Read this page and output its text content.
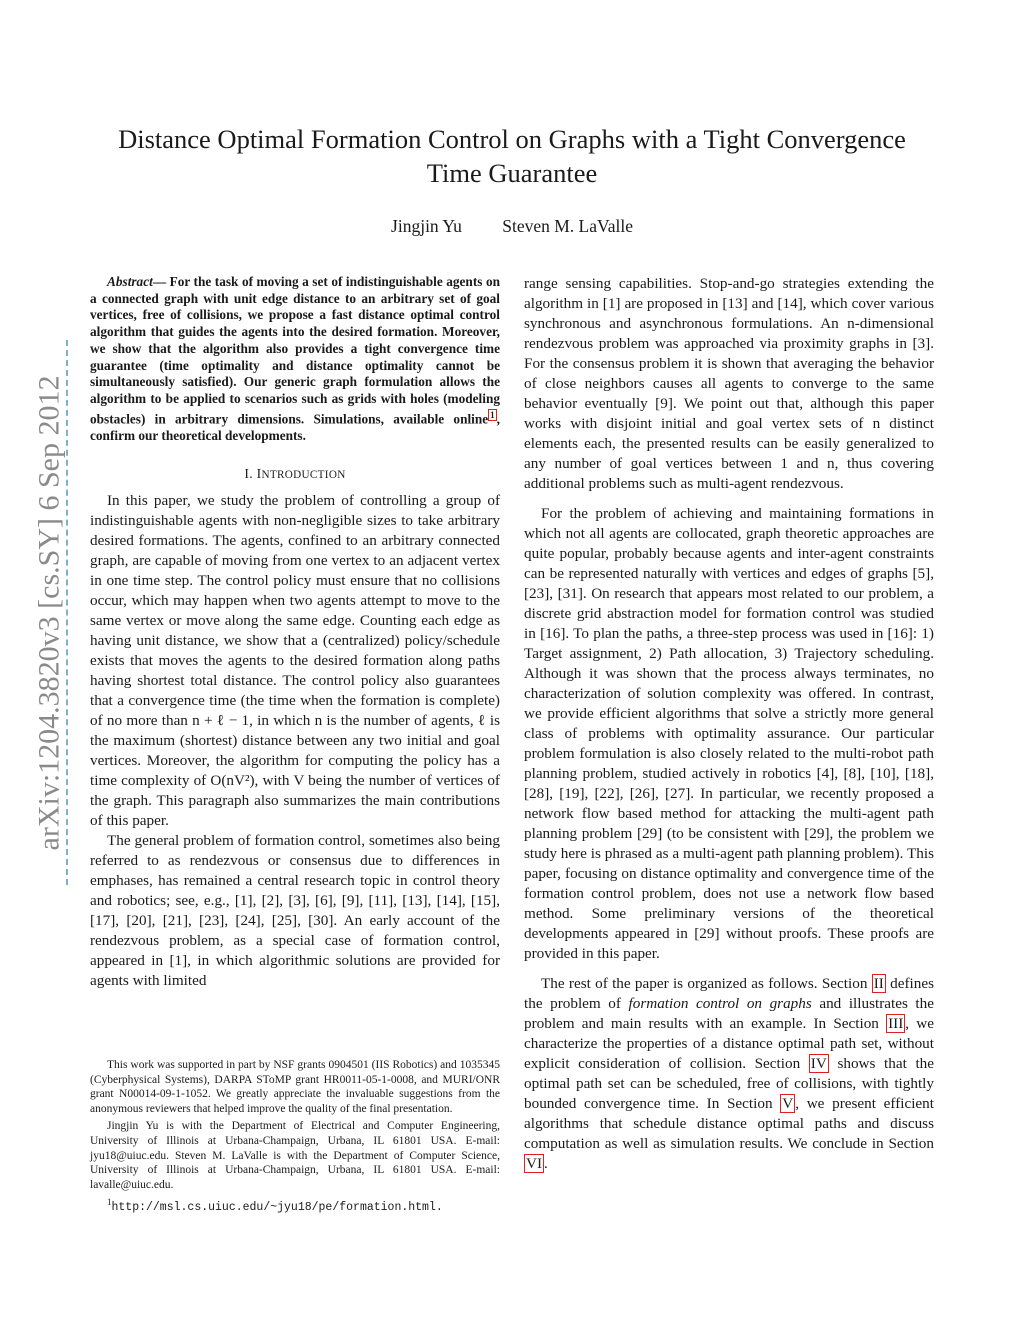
Distance Optimal Formation Control on Graphs with a Tight Convergence Time Guarantee
Jingjin Yu Steven M. LaValle
arXiv:1204.3820v3 [cs.SY] 6 Sep 2012

Abstract— For the task of moving a set of indistinguishable agents on a connected graph with unit edge distance to an arbitrary set of goal vertices, free of collisions, we propose a fast distance optimal control algorithm that guides the agents into the desired formation. Moreover, we show that the algorithm also provides a tight convergence time guarantee (time optimality and distance optimality cannot be simultaneously satisfied). Our generic graph formulation allows the algorithm to be applied to scenarios such as grids with holes (modeling obstacles) in arbitrary dimensions. Simulations, available online $^1$ , confirm our theoretical developments.

I. INTRODUCTION

In this paper, we study the problem of controlling a group of indistinguishable agents with non-negligible sizes to take arbitrary desired formations. The agents, confined to an arbitrary connected graph, are capable of moving from one vertex to an adjacent vertex in one time step. The control policy must ensure that no collisions occur, which may happen when two agents attempt to move to the same vertex or move along the same edge. Counting each edge as having unit distance, we show that a (centralized) policy/schedule exists that moves the agents to the desired formation along paths having shortest total distance. The control policy also guarantees that a convergence time (the time when the formation is complete) of no more than n + ℓ − 1, in which n is the number of agents, ℓ is the maximum (shortest) distance between any two initial and goal vertices. Moreover, the algorithm for computing the policy has a time complexity of O(nV²), with V being the number of vertices of the graph. This paragraph also summarizes the main contributions of this paper.

The general problem of formation control, sometimes also being referred to as rendezvous or consensus due to differences in emphases, has remained a central research topic in control theory and robotics; see, e.g., [1], [2], [3], [6], [9], [11], [13], [14], [15], [17], [20], [21], [23], [24], [25], [30]. An early account of the rendezvous problem, as a special case of formation control, appeared in [1], in which algorithmic solutions are provided for agents with limited

This work was supported in part by NSF grants 0904501 (IIS Robotics) and 1035345 (Cyberphysical Systems), DARPA SToMP grant HR0011-05-1-0008, and MURI/ONR grant N00014-09-1-1052. We greatly appreciate the invaluable suggestions from the anonymous reviewers that helped improve the quality of the final presentation.

Jingjin Yu is with the Department of Electrical and Computer Engineering, University of Illinois at Urbana-Champaign, Urbana, IL 61801 USA. E-mail: jyu18@uiuc.edu. Steven M. LaValle is with the Department of Computer Science, University of Illinois at Urbana-Champaign, Urbana, IL 61801 USA. E-mail: lavalle@uiuc.edu.

$^1$http://msl.cs.uiuc.edu/~jyu18/pe/formation.html.

range sensing capabilities. Stop-and-go strategies extending the algorithm in [1] are proposed in [13] and [14], which cover various synchronous and asynchronous formulations. An n-dimensional rendezvous problem was approached via proximity graphs in [3]. For the consensus problem it is shown that averaging the behavior of close neighbors causes all agents to converge to the same behavior eventually [9]. We point out that, although this paper works with disjoint initial and goal vertex sets of n distinct elements each, the presented results can be easily generalized to any number of goal vertices between 1 and n, thus covering additional problems such as multi-agent rendezvous.

For the problem of achieving and maintaining formations in which not all agents are collocated, graph theoretic approaches are quite popular, probably because agents and inter-agent constraints can be represented naturally with vertices and edges of graphs [5], [23], [31]. On research that appears most related to our problem, a discrete grid abstraction model for formation control was studied in [16]. To plan the paths, a three-step process was used in [16]: 1) Target assignment, 2) Path allocation, 3) Trajectory scheduling. Although it was shown that the process always terminates, no characterization of solution complexity was offered. In contrast, we provide efficient algorithms that solve a strictly more general class of problems with optimality assurance. Our particular problem formulation is also closely related to the multi-robot path planning problem, studied actively in robotics [4], [8], [10], [18], [28], [19], [22], [26], [27]. In particular, we recently proposed a network flow based method for attacking the multi-agent path planning problem [29] (to be consistent with [29], the problem we study here is phrased as a multi-agent path planning problem). This paper, focusing on distance optimality and convergence time of the formation control problem, does not use a network flow based method. Some preliminary versions of the theoretical developments appeared in [29] without proofs. These proofs are provided in this paper.

The rest of the paper is organized as follows. Section II defines the problem of formation control on graphs and illustrates the problem and main results with an example. In Section III , we characterize the properties of a distance optimal path set, without explicit consideration of collision. Section IV shows that the optimal path set can be scheduled, free of collisions, with tightly bounded convergence time. In Section V , we present efficient algorithms that schedule distance optimal paths and discuss computation as well as simulation results. We conclude in Section VI .
